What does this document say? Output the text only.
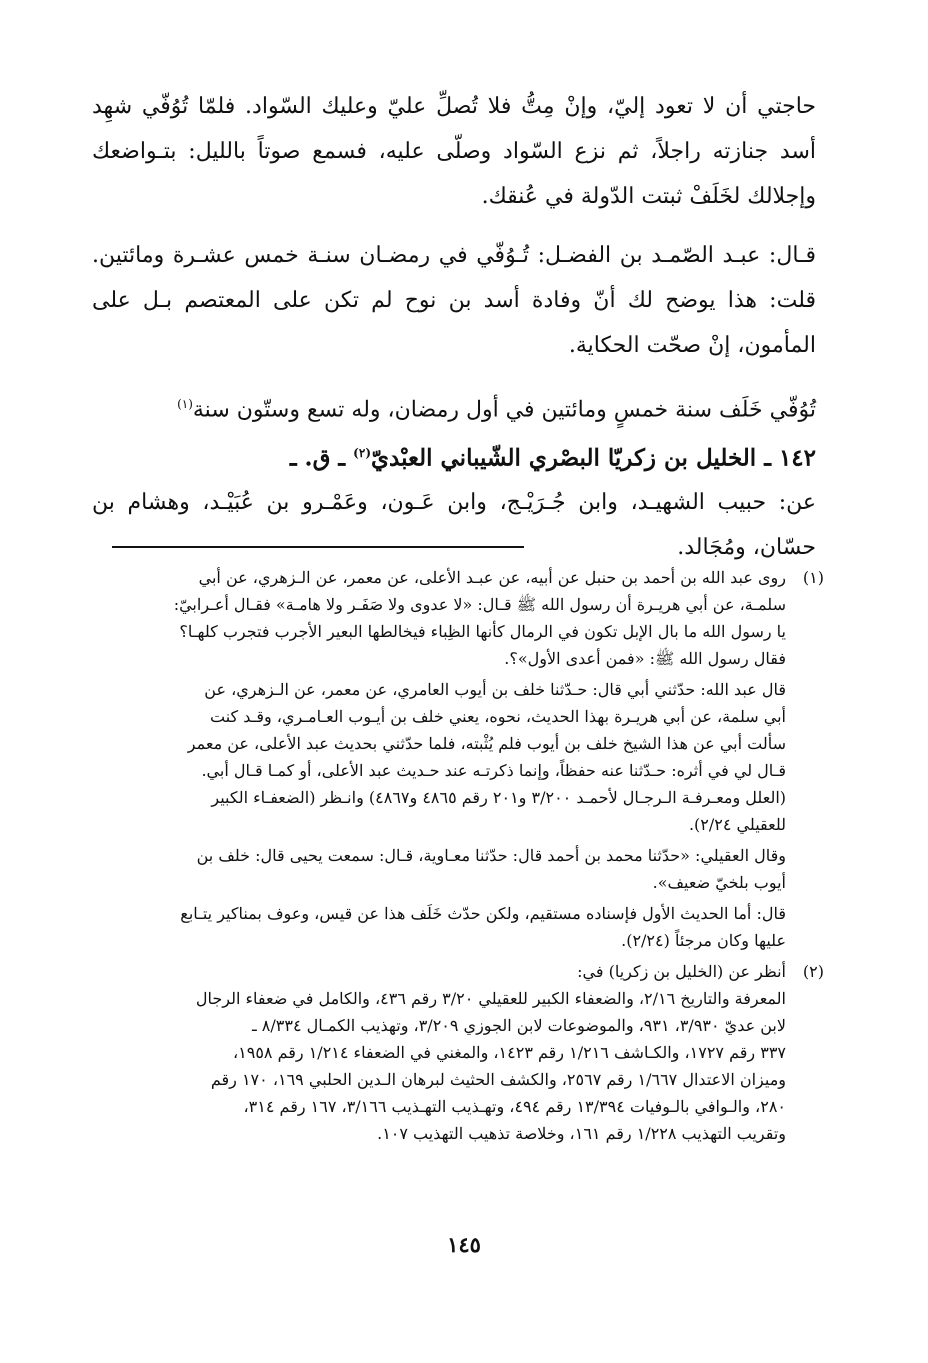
حاجتي أن لا تعود إليّ، وإنْ مِتُّ فلا تُصلِّ عليّ وعليك السّواد. فلمّا تُوُفّي شهِد أسد جنازته راجلاً، ثم نزع السّواد وصلّى عليه، فسمع صوتاً بالليل: بتـواضعك وإجلالك لخَلَفْ ثبتت الدّولة في عُنقك.

قـال: عبـد الصّمـد بن الفضـل: تُـوُفّي في رمضـان سنـة خمس عشـرة ومائتين. قلت: هذا يوضح لك أنّ وفادة أسد بن نوح لم تكن على المعتصم بـل على المأمون، إنْ صحّت الحكاية.

تُوُفّي خَلَف سنة خمسٍ ومائتين في أول رمضان، وله تسع وستّون سنة$^{(١)}$

١٤٢ ـ الخليل بن زكريّا البصْري الشّيباني العبْديّ$^{(٢)}$ ـ ق. ـ

عن: حبيب الشهيـد، وابن جُـرَيْـج، وابن عَـون، وعَمْـرو بن عُبَيْـد، وهشام بن حسّان، ومُجَالد.

(١)

روى عبد الله بن أحمد بن حنبل عن أبيه، عن عبـد الأعلى، عن معمر، عن الـزهري، عن أبي

سلمـة، عن أبي هريـرة أن رسول الله ﷺ قـال: «لا عدوى ولا صَفَـر ولا هامـة» فقـال أعـرابيّ:

يا رسول الله ما بال الإبل تكون في الرمال كأنها الظِباء فيخالطها البعير الأجرب فتجرب كلهـا؟

فقال رسول الله ﷺ: «فمن أعدى الأول»؟.

قال عبد الله: حدّثني أبي قال: حـدّثنا خلف بن أيوب العامري، عن معمر، عن الـزهري، عن

أبي سلمة، عن أبي هريـرة بهذا الحديث، نحوه، يعني خلف بن أيـوب العـامـري، وقـد كنت

سألت أبي عن هذا الشيخ خلف بن أيوب فلم يُثْبته، فلما حدّثني بحديث عبد الأعلى، عن معمر

قـال لي في أثره: حـدّثنا عنه حفظاً، وإنما ذكرتـه عند حـديث عبد الأعلى، أو كمـا قـال أبي.

(العلل ومعـرفـة الـرجـال لأحمـد ٣/٢٠٠ و٢٠١ رقم ٤٨٦٥ و٤٨٦٧) وانـظر (الضعفـاء الكبير

للعقيلي ٢/٢٤).

وقال العقيلي: «حدّثنا محمد بن أحمد قال: حدّثنا معـاوية، قـال: سمعت يحيى قال: خلف بن

أيوب بلخيّ ضعيف».

قال: أما الحديث الأول فإسناده مستقيم، ولكن حدّث خَلَف هذا عن قيس، وعوف بمناكير يتـابع

عليها وكان مرجئاً (٢/٢٤).

(٢)

أنظر عن (الخليل بن زكريا) في:

المعرفة والتاريخ ٢/١٦، والضعفاء الكبير للعقيلي ٣/٢٠ رقم ٤٣٦، والكامل في ضعفاء الرجال

لابن عديّ ٣/٩٣٠، ٩٣١، والموضوعات لابن الجوزي ٣/٢٠٩، وتهذيب الكمـال ٨/٣٣٤ ـ

٣٣٧ رقم ١٧٢٧، والكـاشف ١/٢١٦ رقم ١٤٢٣، والمغني في الضعفاء ١/٢١٤ رقم ١٩٥٨،

وميزان الاعتدال ١/٦٦٧ رقم ٢٥٦٧، والكشف الحثيث لبرهان الـدين الحلبي ١٦٩، ١٧٠ رقم

٢٨٠، والـوافي بالـوفيات ١٣/٣٩٤ رقم ٤٩٤، وتهـذيب التهـذيب ٣/١٦٦، ١٦٧ رقم ٣١٤،

وتقريب التهذيب ١/٢٢٨ رقم ١٦١، وخلاصة تذهيب التهذيب ١٠٧.

١٤٥
